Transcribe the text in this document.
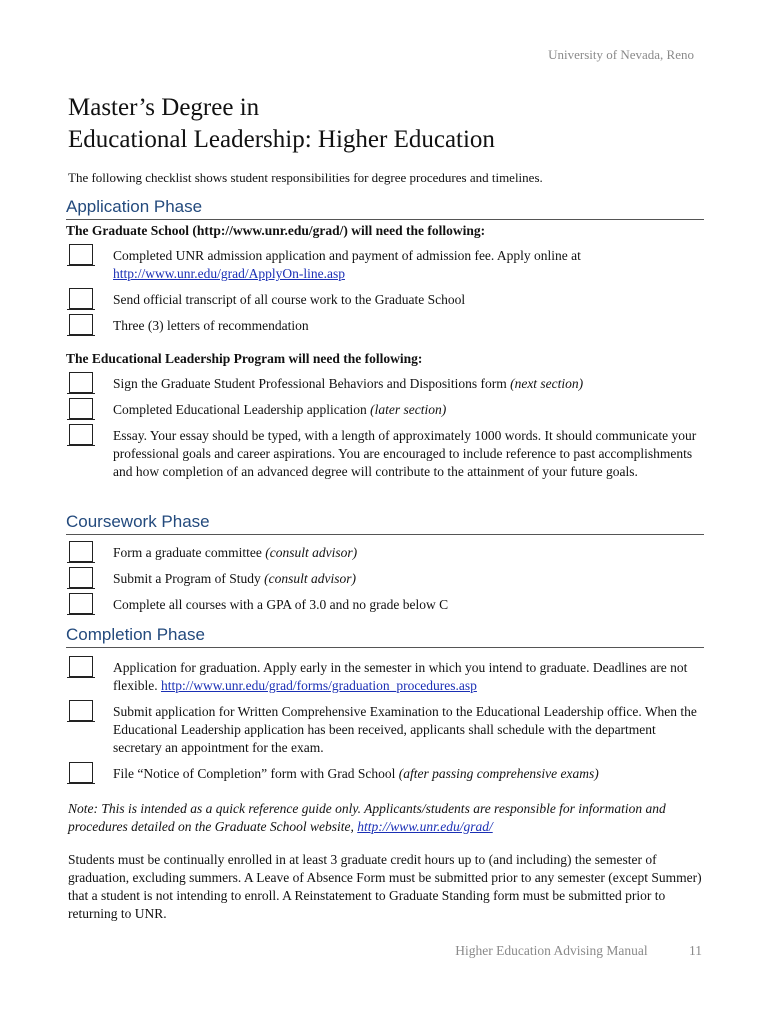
University of Nevada, Reno
Master’s Degree in
Educational Leadership: Higher Education
The following checklist shows student responsibilities for degree procedures and timelines.
Application Phase
The Graduate School (http://www.unr.edu/grad/) will need the following:
Completed UNR admission application and payment of admission fee. Apply online at
http://www.unr.edu/grad/ApplyOn-line.asp
Send official transcript of all course work to the Graduate School
Three (3) letters of recommendation
The Educational Leadership Program will need the following:
Sign the Graduate Student Professional Behaviors and Dispositions form (next section)
Completed Educational Leadership application (later section)
Essay. Your essay should be typed, with a length of approximately 1000 words. It should communicate your professional goals and career aspirations. You are encouraged to include reference to past accomplishments and how completion of an advanced degree will contribute to the attainment of your future goals.
Coursework Phase
Form a graduate committee (consult advisor)
Submit a Program of Study (consult advisor)
Complete all courses with a GPA of 3.0 and no grade below C
Completion Phase
Application for graduation. Apply early in the semester in which you intend to graduate. Deadlines are not flexible. http://www.unr.edu/grad/forms/graduation_procedures.asp
Submit application for Written Comprehensive Examination to the Educational Leadership office. When the Educational Leadership application has been received, applicants shall schedule with the department secretary an appointment for the exam.
File “Notice of Completion” form with Grad School (after passing comprehensive exams)
Note: This is intended as a quick reference guide only. Applicants/students are responsible for information and procedures detailed on the Graduate School website, http://www.unr.edu/grad/
Students must be continually enrolled in at least 3 graduate credit hours up to (and including) the semester of graduation, excluding summers. A Leave of Absence Form must be submitted prior to any semester (except Summer) that a student is not intending to enroll. A Reinstatement to Graduate Standing form must be submitted prior to returning to UNR.
Higher Education Advising Manual	11
